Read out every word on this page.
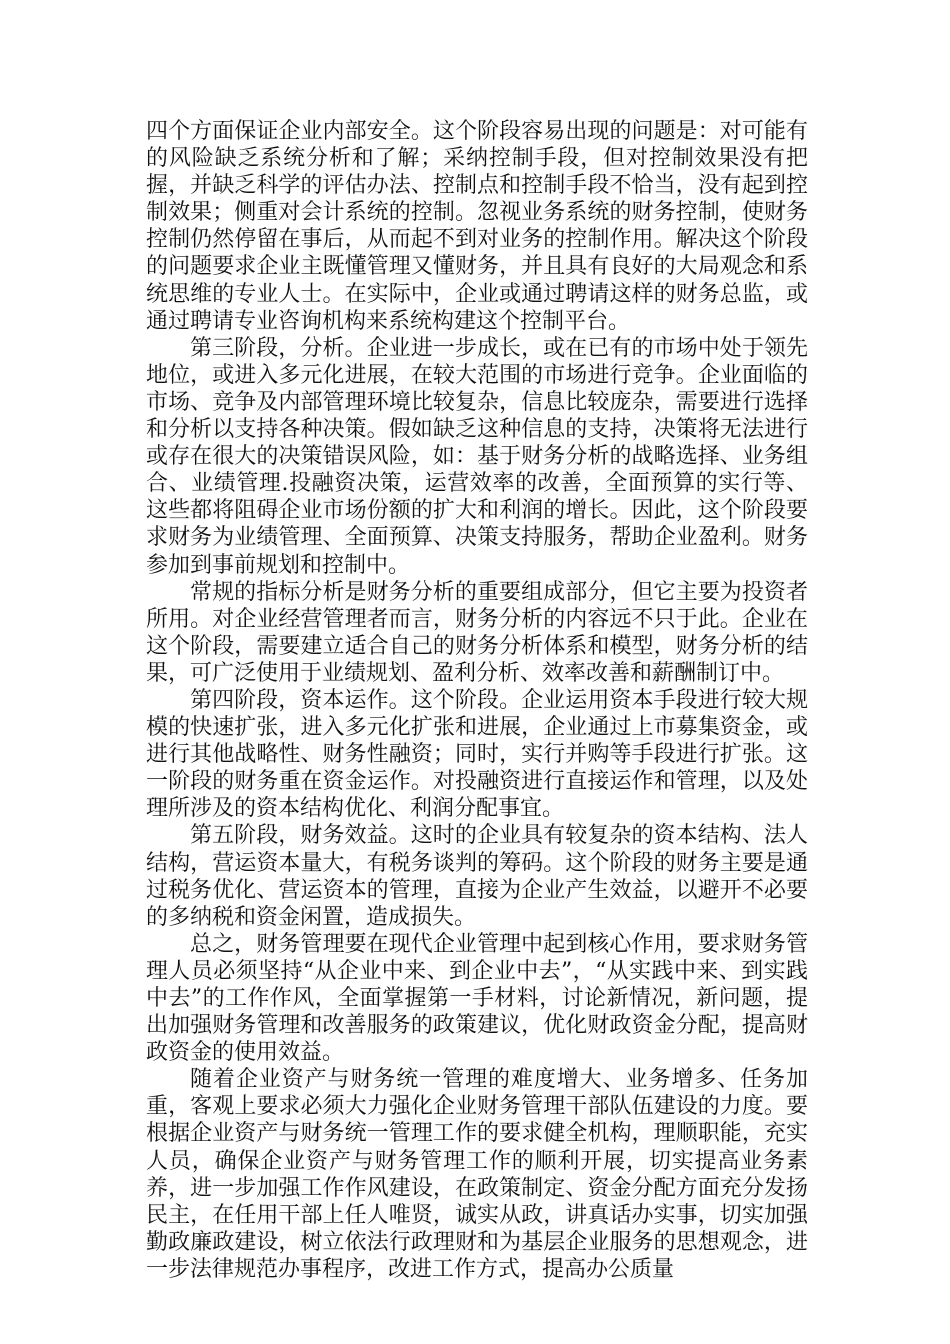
四个方面保证企业内部安全。这个阶段容易出现的问题是：对可能有的风险缺乏系统分析和了解；采纳控制手段，但对控制效果没有把握，并缺乏科学的评估办法、控制点和控制手段不恰当，没有起到控制效果；侧重对会计系统的控制。忽视业务系统的财务控制，使财务控制仍然停留在事后，从而起不到对业务的控制作用。解决这个阶段的问题要求企业主既懂管理又懂财务，并且具有良好的大局观念和系统思维的专业人士。在实际中，企业或通过聘请这样的财务总监，或通过聘请专业咨询机构来系统构建这个控制平台。

第三阶段，分析。企业进一步成长，或在已有的市场中处于领先地位，或进入多元化进展，在较大范围的市场进行竞争。企业面临的市场、竞争及内部管理环境比较复杂，信息比较庞杂，需要进行选择和分析以支持各种决策。假如缺乏这种信息的支持，决策将无法进行或存在很大的决策错误风险，如：基于财务分析的战略选择、业务组合、业绩管理.投融资决策，运营效率的改善，全面预算的实行等、这些都将阻碍企业市场份额的扩大和利润的增长。因此，这个阶段要求财务为业绩管理、全面预算、决策支持服务，帮助企业盈利。财务参加到事前规划和控制中。

常规的指标分析是财务分析的重要组成部分，但它主要为投资者所用。对企业经营管理者而言，财务分析的内容远不只于此。企业在这个阶段，需要建立适合自己的财务分析体系和模型，财务分析的结果，可广泛使用于业绩规划、盈利分析、效率改善和薪酬制订中。

第四阶段，资本运作。这个阶段。企业运用资本手段进行较大规模的快速扩张，进入多元化扩张和进展，企业通过上市募集资金，或进行其他战略性、财务性融资；同时，实行并购等手段进行扩张。这一阶段的财务重在资金运作。对投融资进行直接运作和管理，以及处理所涉及的资本结构优化、利润分配事宜。

第五阶段，财务效益。这时的企业具有较复杂的资本结构、法人结构，营运资本量大，有税务谈判的筹码。这个阶段的财务主要是通过税务优化、营运资本的管理，直接为企业产生效益，以避开不必要的多纳税和资金闲置，造成损失。

总之，财务管理要在现代企业管理中起到核心作用，要求财务管理人员必须坚持“从企业中来、到企业中去”，“从实践中来、到实践中去”的工作作风，全面掌握第一手材料，讨论新情况，新问题，提出加强财务管理和改善服务的政策建议，优化财政资金分配，提高财政资金的使用效益。

随着企业资产与财务统一管理的难度增大、业务增多、任务加重，客观上要求必须大力强化企业财务管理干部队伍建设的力度。要根据企业资产与财务统一管理工作的要求健全机构，理顺职能，充实人员，确保企业资产与财务管理工作的顺利开展，切实提高业务素养，进一步加强工作作风建设，在政策制定、资金分配方面充分发扬民主，在任用干部上任人唯贤，诚实从政，讲真话办实事，切实加强勤政廉政建设，树立依法行政理财和为基层企业服务的思想观念，进一步法律规范办事程序，改进工作方式，提高办公质量
